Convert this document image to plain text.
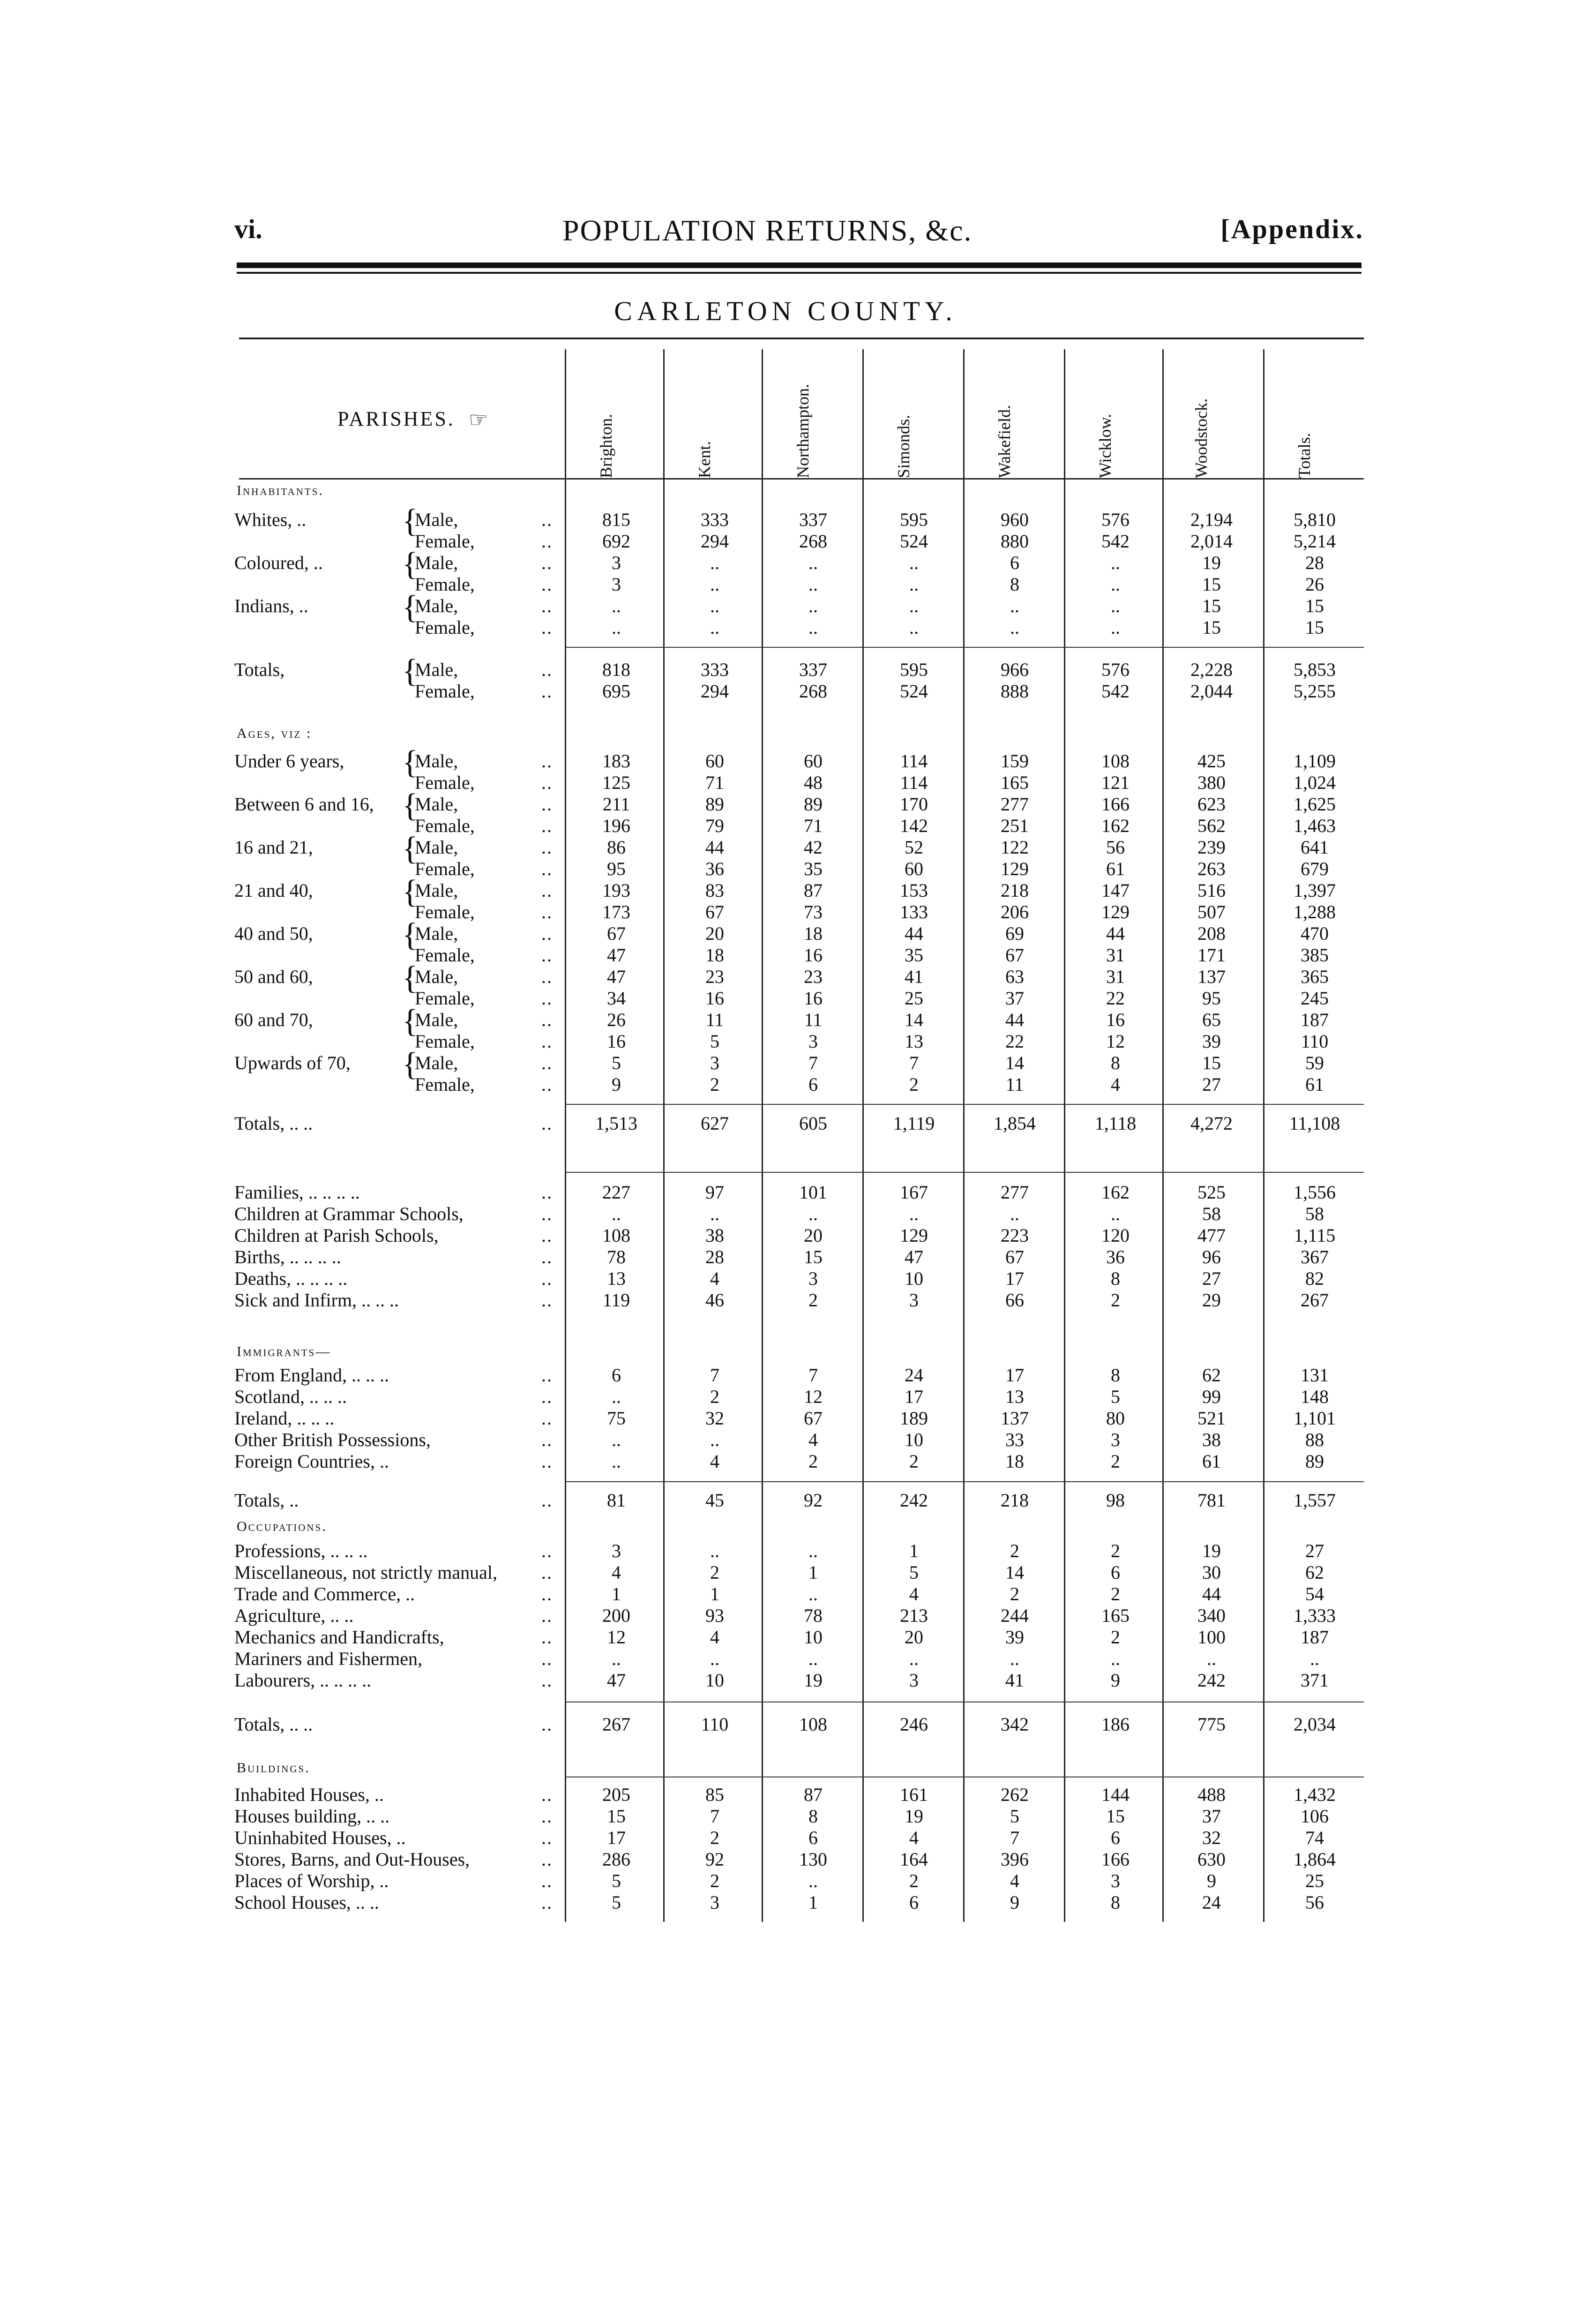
vi.	POPULATION RETURNS, &c.	[Appendix.
CARLETON COUNTY.
PARISHES. ☞	Brighton.	Kent.	Northampton.	Simonds.	Wakefield.	Wicklow.	Woodstock.	Totals.
Inhabitants.
Ages, viz :
Immigrants—
Occupations.
Buildings.
Whites, ..	Male,	..	815	333	337	595	960	576	2,194	5,810
Female,	..	692	294	268	524	880	542	2,014	5,214
Coloured, ..	Male,	..	3	..	..	..	6	..	19	28
Female,	..	3	..	..	..	8	..	15	26
Indians, ..	Male,	..	..	..	..	..	..	..	15	15
Female,	..	..	..	..	..	..	..	15	15
Totals,	Male,	..	818	333	337	595	966	576	2,228	5,853
Female,	..	695	294	268	524	888	542	2,044	5,255
Under 6 years,	Male,	..	183	60	60	114	159	108	425	1,109
Female,	..	125	71	48	114	165	121	380	1,024
Between 6 and 16, Male,	..	211	89	89	170	277	166	623	1,625
Female,	..	196	79	71	142	251	162	562	1,463
16 and 21,	Male,	..	86	44	42	52	122	56	239	641
Female,	..	95	36	35	60	129	61	263	679
21 and 40,	Male,	..	193	83	87	153	218	147	516	1,397
Female,	..	173	67	73	133	206	129	507	1,288
40 and 50,	Male,	..	67	20	18	44	69	44	208	470
Female,	..	47	18	16	35	67	31	171	385
50 and 60,	Male,	..	47	23	23	41	63	31	137	365
Female,	..	34	16	16	25	37	22	95	245
60 and 70,	Male,	..	26	11	11	14	44	16	65	187
Female,	..	16	5	3	13	22	12	39	110
Upwards of 70,	Male,	..	5	3	7	7	14	8	15	59
Female,	..	9	2	6	2	11	4	27	61
Totals, .. ..	..	1,513	627	605	1,119	1,854	1,118	4,272	11,108
Families, .. .. .. ..	..	227	97	101	167	277	162	525	1,556
Children at Grammar Schools,	..	..	..	..	..	..	..	58	58
Children at Parish Schools,	..	108	38	20	129	223	120	477	1,115
Births, .. .. .. ..	..	78	28	15	47	67	36	96	367
Deaths, .. .. .. ..	..	13	4	3	10	17	8	27	82
Sick and Infirm, .. .. ..	..	119	46	2	3	66	2	29	267
From England, .. .. ..	..	6	7	7	24	17	8	62	131
Scotland, .. .. ..	..	..	2	12	17	13	5	99	148
Ireland, .. .. ..	..	75	32	67	189	137	80	521	1,101
Other British Possessions,	..	..	..	4	10	33	3	38	88
Foreign Countries, ..	..	..	4	2	2	18	2	61	89
Totals, ..	..	81	45	92	242	218	98	781	1,557
Professions, .. .. ..	..	3	..	..	1	2	2	19	27
Miscellaneous, not strictly manual, ..	4	2	1	5	14	6	30	62
Trade and Commerce, ..	..	1	1	..	4	2	2	44	54
Agriculture, .. ..	..	200	93	78	213	244	165	340	1,333
Mechanics and Handicrafts,	..	12	4	10	20	39	2	100	187
Mariners and Fishermen,	..	..	..	..	..	..	..	..	..
Labourers, .. .. .. ..	..	47	10	19	3	41	9	242	371
Totals, .. ..	..	267	110	108	246	342	186	775	2,034
Inhabited Houses, ..	..	205	85	87	161	262	144	488	1,432
Houses building, .. ..	..	15	7	8	19	5	15	37	106
Uninhabited Houses, ..	..	17	2	6	4	7	6	32	74
Stores, Barns, and Out-Houses,	..	286	92	130	164	396	166	630	1,864
Places of Worship, ..	..	5	2	..	2	4	3	9	25
School Houses, .. ..	..	5	3	1	6	9	8	24	56
{
{
{
{
{
{
{
{
{
{
{
{
